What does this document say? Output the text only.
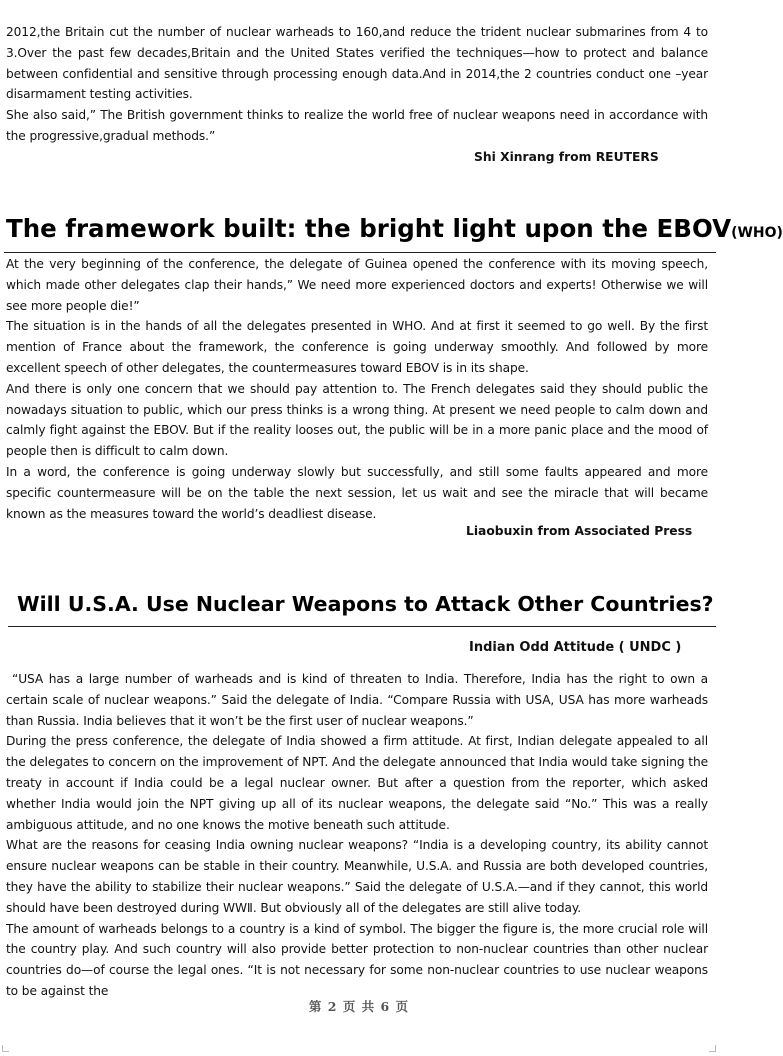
2012,the Britain cut the number of nuclear warheads to 160,and reduce the trident nuclear submarines from 4 to 3.Over the past few decades,Britain and the United States verified the techniques—how to protect and balance between confidential and sensitive through processing enough data.And in 2014,the 2 countries conduct one –year disarmament testing activities.

She also said,” The British government thinks to realize the world free of nuclear weapons need in accordance with the progressive,gradual methods.”

Shi Xinrang from REUTERS
The framework built: the bright light upon the EBOV(WHO)

At the very beginning of the conference, the delegate of Guinea opened the conference with its moving speech, which made other delegates clap their hands,” We need more experienced doctors and experts! Otherwise we will see more people die!”

The situation is in the hands of all the delegates presented in WHO. And at first it seemed to go well. By the first mention of France about the framework, the conference is going underway smoothly. And followed by more excellent speech of other delegates, the countermeasures toward EBOV is in its shape.

And there is only one concern that we should pay attention to. The French delegates said they should public the nowadays situation to public, which our press thinks is a wrong thing. At present we need people to calm down and calmly fight against the EBOV. But if the reality looses out, the public will be in a more panic place and the mood of people then is difficult to calm down.

In a word, the conference is going underway slowly but successfully, and still some faults appeared and more specific countermeasure will be on the table the next session, let us wait and see the miracle that will became known as the measures toward the world’s deadliest disease.

Liaobuxin from Associated Press
Will U.S.A. Use Nuclear Weapons to Attack Other Countries?
Indian Odd Attitude ( UNDC )

“USA has a large number of warheads and is kind of threaten to India. Therefore, India has the right to own a certain scale of nuclear weapons.” Said the delegate of India. “Compare Russia with USA, USA has more warheads than Russia. India believes that it won’t be the first user of nuclear weapons.”

During the press conference, the delegate of India showed a firm attitude. At first, Indian delegate appealed to all the delegates to concern on the improvement of NPT. And the delegate announced that India would take signing the treaty in account if India could be a legal nuclear owner. But after a question from the reporter, which asked whether India would join the NPT giving up all of its nuclear weapons, the delegate said “No.” This was a really ambiguous attitude, and no one knows the motive beneath such attitude.

What are the reasons for ceasing India owning nuclear weapons? “India is a developing country, its ability cannot ensure nuclear weapons can be stable in their country. Meanwhile, U.S.A. and Russia are both developed countries, they have the ability to stabilize their nuclear weapons.” Said the delegate of U.S.A.—and if they cannot, this world should have been destroyed during WWⅡ. But obviously all of the delegates are still alive today.

The amount of warheads belongs to a country is a kind of symbol. The bigger the figure is, the more crucial role will the country play. And such country will also provide better protection to non-nuclear countries than other nuclear countries do—of course the legal ones. “It is not necessary for some non-nuclear countries to use nuclear weapons to be against the

第 2 页 共 6 页
